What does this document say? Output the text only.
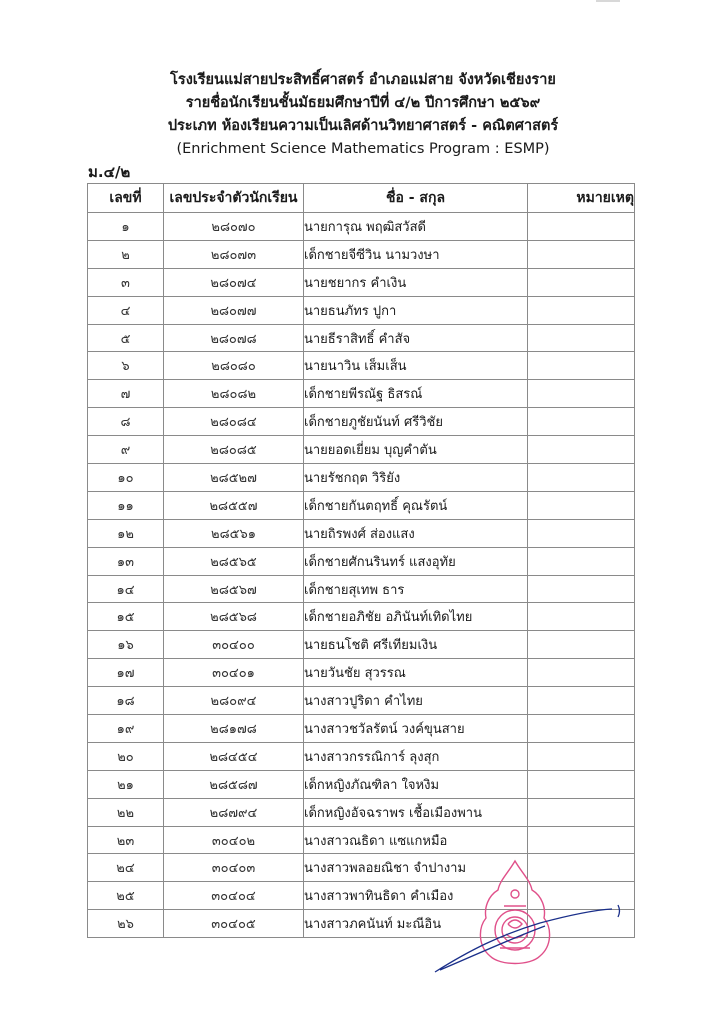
โรงเรียนแม่สายประสิทธิ์ศาสตร์ อำเภอแม่สาย จังหวัดเชียงราย
รายชื่อนักเรียนชั้นมัธยมศึกษาปีที่ ๔/๒ ปีการศึกษา ๒๕๖๙
ประเภท ห้องเรียนความเป็นเลิศด้านวิทยาศาสตร์ - คณิตศาสตร์
(Enrichment Science Mathematics Program : ESMP)
ม.๔/๒
เลขที่	เลขประจำตัวนักเรียน	ชื่อ - สกุล	หมายเหตุ
๑	๒๘๐๗๐	นายการุณ พฤฒิสวัสดี	
๒	๒๘๐๗๓	เด็กชายจีซีวิน นามวงษา	
๓	๒๘๐๗๔	นายชยากร คำเงิน	
๔	๒๘๐๗๗	นายธนภัทร ปูกา	
๕	๒๘๐๗๘	นายธีราสิทธิ์ คำสัจ	
๖	๒๘๐๘๐	นายนาวิน เส็มเส็น	
๗	๒๘๐๘๒	เด็กชายพีรณัฐ ธิสรณ์	
๘	๒๘๐๘๔	เด็กชายภูชัยนันท์ ศรีวิชัย	
๙	๒๘๐๘๕	นายยอดเยี่ยม บุญคำตัน	
๑๐	๒๘๕๒๗	นายรัชกฤต วิริยัง	
๑๑	๒๘๕๕๗	เด็กชายกันตฤทธิ์ คุณรัตน์	
๑๒	๒๘๕๖๑	นายถิรพงศ์ ส่องแสง	
๑๓	๒๘๕๖๕	เด็กชายศักนรินทร์ แสงอุทัย	
๑๔	๒๘๕๖๗	เด็กชายสุเทพ ธาร	
๑๕	๒๘๕๖๘	เด็กชายอภิชัย อภินันท์เทิดไทย	
๑๖	๓๐๔๐๐	นายธนโชติ ศรีเทียมเงิน	
๑๗	๓๐๔๐๑	นายวันชัย สุวรรณ	
๑๘	๒๘๐๙๔	นางสาวปูริดา คำไทย	
๑๙	๒๘๑๗๘	นางสาวชวัลรัตน์ วงค์ขุนสาย	
๒๐	๒๘๔๕๔	นางสาวกรรณิการ์ ลุงสุก	
๒๑	๒๘๕๘๗	เด็กหญิงภัณฑิลา ใจหงิม	
๒๒	๒๘๗๙๔	เด็กหญิงอัจฉราพร เชื้อเมืองพาน	
๒๓	๓๐๔๐๒	นางสาวณธิดา แซแกหมือ	
๒๔	๓๐๔๐๓	นางสาวพลอยณิชา จำปางาม	
๒๕	๓๐๔๐๔	นางสาวพาทินธิดา คำเมือง	
๒๖	๓๐๔๐๕	นางสาวภคนันท์ มะณีอิน	
